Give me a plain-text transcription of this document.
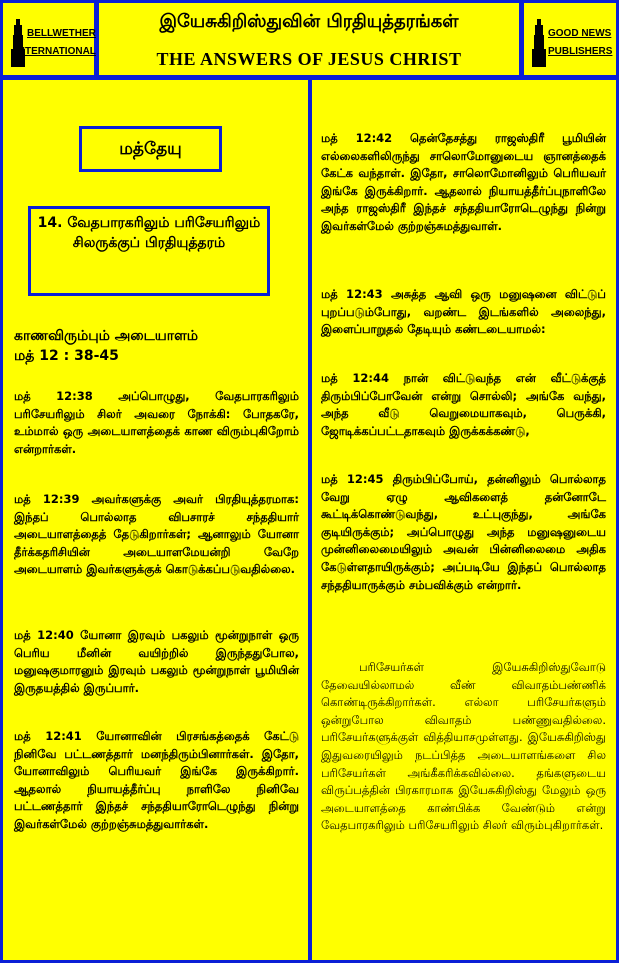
BELLWETHER
INTERNATIONAL
இயேசுகிறிஸ்துவின் பிரதியுத்தரங்கள்
THE ANSWERS OF JESUS CHRIST
GOOD NEWS
PUBLISHERS
மத்தேயு
14. வேதபாரகரிலும் பரிசேயரிலும் சிலருக்குப் பிரதியுத்தரம்
காணவிரும்பும் அடையாளம்
மத் 12 : 38-45
மத் 12:38 அப்பொழுது, வேதபாரகரிலும் பரிசேயரிலும் சிலர் அவரை நோக்கி: போதகரே, உம்மால் ஒரு அடையாளத்தைக் காண விரும்புகிறோம் என்றார்கள்.
மத் 12:39 அவர்களுக்கு அவர் பிரதியுத்தரமாக: இந்தப் பொல்லாத விபசாரச் சந்ததியார் அடையாளத்தைத் தேடுகிறார்கள்; ஆனாலும் யோனா தீர்க்கதரிசியின் அடையாளமேயன்றி வேறே அடையாளம் இவர்களுக்குக் கொடுக்கப்படுவதில்லை.
மத் 12:40 யோனா இரவும் பகலும் மூன்றுநாள் ஒரு பெரிய மீனின் வயிற்றில் இருந்ததுபோல, மனுஷகுமாரனும் இரவும் பகலும் மூன்றுநாள் பூமியின் இருதயத்தில் இருப்பார்.
மத் 12:41 யோனாவின் பிரசங்கத்தைக் கேட்டு நினிவே பட்டணத்தார் மனந்திரும்பினார்கள். இதோ, யோனாவிலும் பெரியவர் இங்கே இருக்கிறார். ஆதலால் நியாயத்தீர்ப்பு நாளிலே நினிவே பட்டணத்தார் இந்தச் சந்ததியாரோடெழுந்து நின்று இவர்கள்மேல் குற்றஞ்சுமத்துவார்கள்.
மத் 12:42 தென்தேசத்து ராஜஸ்திரீ பூமியின் எல்லைகளிலிருந்து சாலொமோனுடைய ஞானத்தைக் கேட்க வந்தாள். இதோ, சாலொமோனிலும் பெரியவர் இங்கே இருக்கிறார். ஆதலால் நியாயத்தீர்ப்புநாளிலே அந்த ராஜஸ்திரீ இந்தச் சந்ததியாரோடெழுந்து நின்று இவர்கள்மேல் குற்றஞ்சுமத்துவாள்.
மத் 12:43 அசுத்த ஆவி ஒரு மனுஷனை விட்டுப் புறப்படும்போது, வறண்ட இடங்களில் அலைந்து, இளைப்பாறுதல் தேடியும் கண்டடையாமல்:
மத் 12:44 நான் விட்டுவந்த என் வீட்டுக்குத் திரும்பிப்போவேன் என்று சொல்லி; அங்கே வந்து, அந்த வீடு வெறுமையாகவும், பெருக்கி, ஜோடிக்கப்பட்டதாகவும் இருக்கக்கண்டு,
மத் 12:45 திரும்பிப்போய், தன்னிலும் பொல்லாத வேறு ஏழு ஆவிகளைத் தன்னோடே கூட்டிக்கொண்டுவந்து, உட்புகுந்து, அங்கே குடியிருக்கும்; அப்பொழுது அந்த மனுஷனுடைய முன்னிலைமையிலும் அவன் பின்னிலைமை அதிக கேடுள்ளதாயிருக்கும்; அப்படியே இந்தப் பொல்லாத சந்ததியாருக்கும் சம்பவிக்கும் என்றார்.
பரிசேயர்கள் இயேசுகிறிஸ்துவோடு தேவையில்லாமல் வீண் விவாதம்பண்ணிக் கொண்டிருக்கிறார்கள். எல்லா பரிசேயர்களும் ஒன்றுபோல விவாதம் பண்ணுவதில்லை. பரிசேயர்களுக்குள் வித்தியாசமுள்ளது. இயேசுகிறிஸ்து இதுவரையிலும் நடப்பித்த அடையாளங்களை சில பரிசேயர்கள் அங்கீகரிக்கவில்லை. தங்களுடைய விருப்பத்தின் பிரகாரமாக இயேசுகிறிஸ்து மேலும் ஒரு அடையாளத்தை காண்பிக்க வேண்டும் என்று வேதபாரகரிலும் பரிசேயரிலும் சிலர் விரும்புகிறார்கள்.
